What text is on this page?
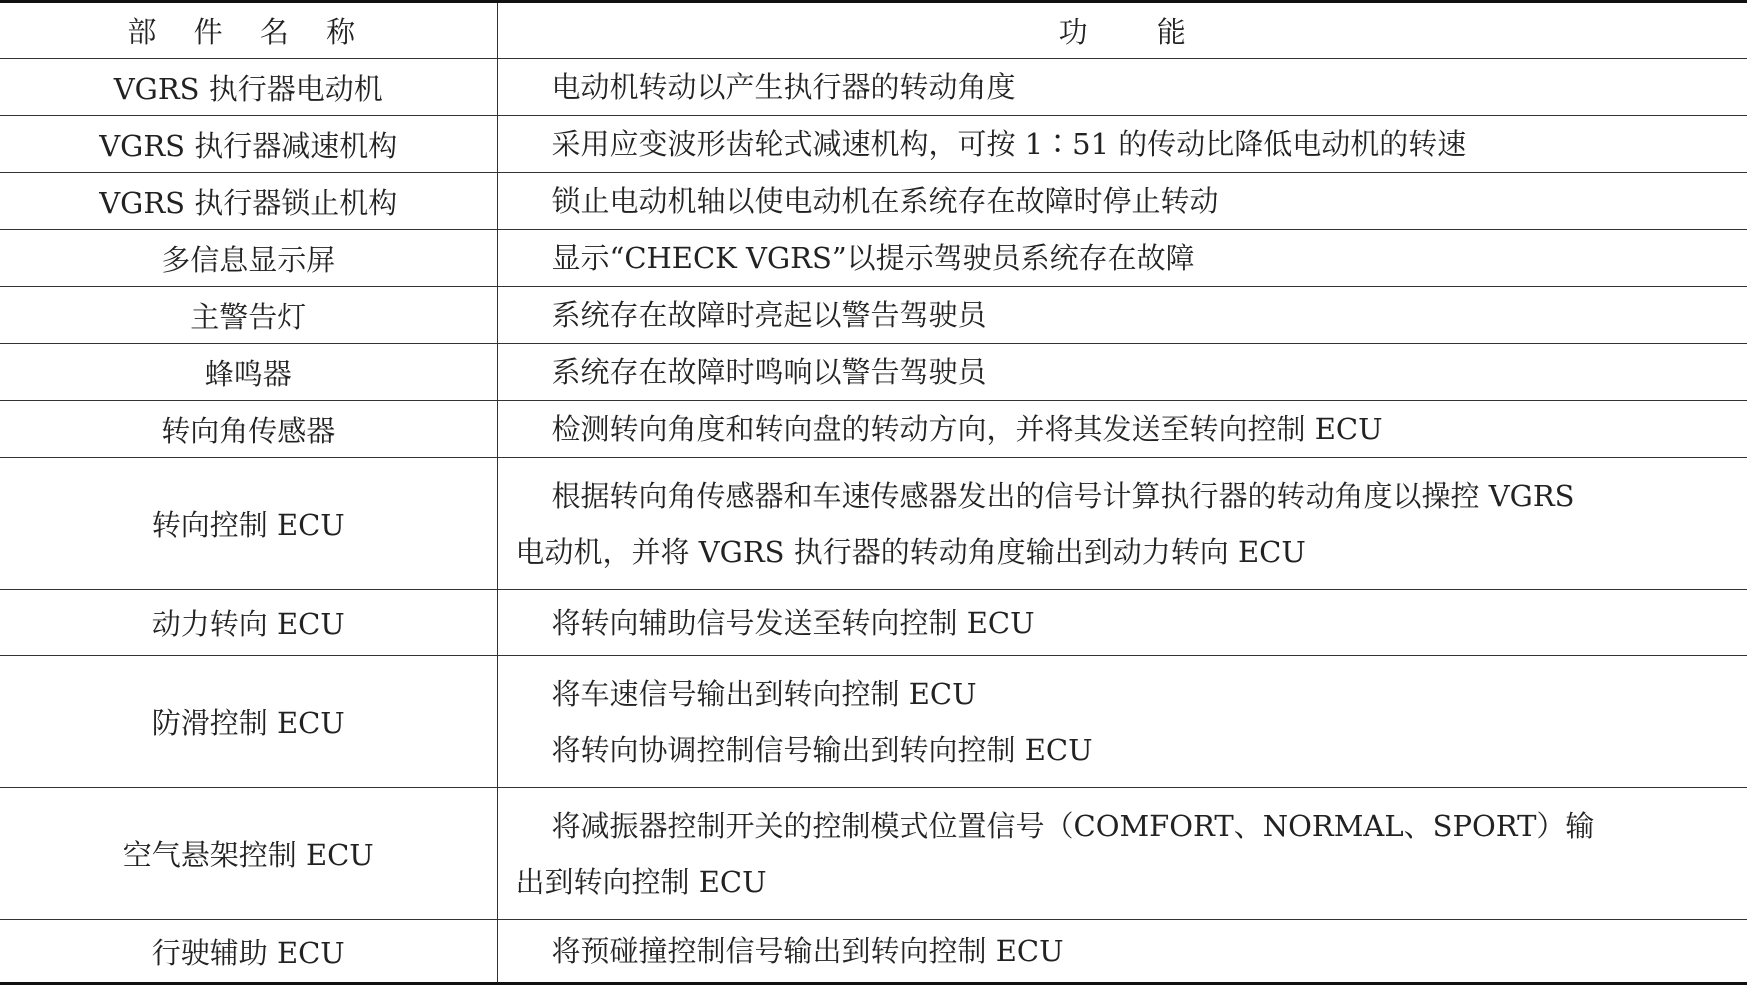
部 件 名 称	功 能
VGRS 执行器电动机	电动机转动以产生执行器的转动角度

VGRS 执行器减速机构	采用应变波形齿轮式减速机构，可按 1∶51 的传动比降低电动机的转速

VGRS 执行器锁止机构	锁止电动机轴以使电动机在系统存在故障时停止转动

多信息显示屏	显示“CHECK VGRS”以提示驾驶员系统存在故障

主警告灯	系统存在故障时亮起以警告驾驶员

蜂鸣器	系统存在故障时鸣响以警告驾驶员

转向角传感器	检测转向角度和转向盘的转动方向，并将其发送至转向控制 ECU

转向控制 ECU	根据转向角传感器和车速传感器发出的信号计算执行器的转动角度以操控 VGRS
电动机，并将 VGRS 执行器的转动角度输出到动力转向 ECU

动力转向 ECU	将转向辅助信号发送至转向控制 ECU

防滑控制 ECU	将车速信号输出到转向控制 ECU
将转向协调控制信号输出到转向控制 ECU

空气悬架控制 ECU	将减振器控制开关的控制模式位置信号（COMFORT、NORMAL、SPORT）输
出到转向控制 ECU

行驶辅助 ECU	将预碰撞控制信号输出到转向控制 ECU
